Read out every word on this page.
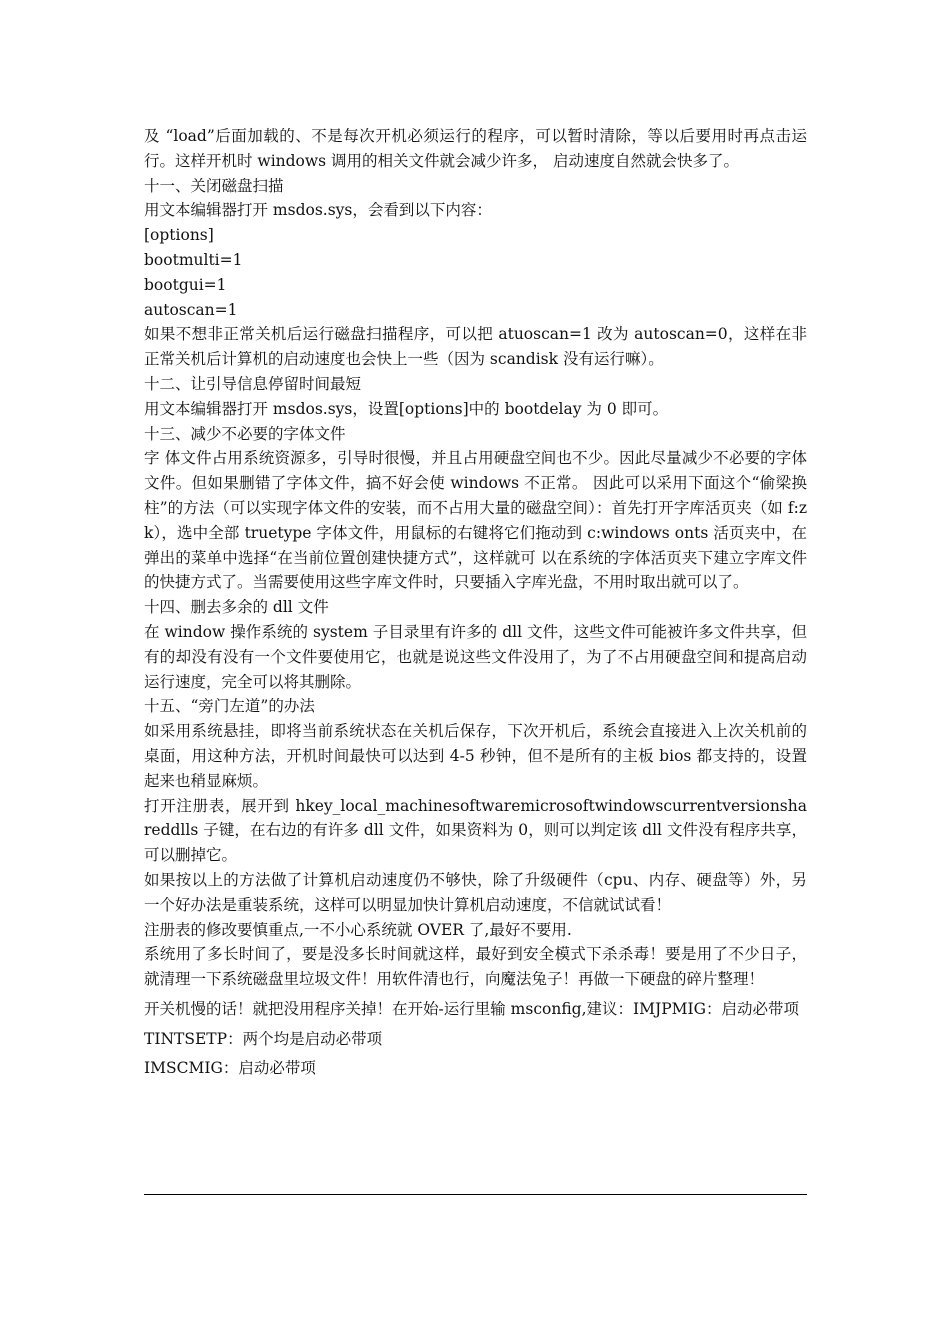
及 “load”后面加载的、不是每次开机必须运行的程序，可以暂时清除，等以后要用时再点击运行。这样开机时 windows 调用的相关文件就会减少许多， 启动速度自然就会快多了。

十一、关闭磁盘扫描

用文本编辑器打开 msdos.sys，会看到以下内容：

[options]

bootmulti=1

bootgui=1

autoscan=1

如果不想非正常关机后运行磁盘扫描程序，可以把 atuoscan=1 改为 autoscan=0，这样在非正常关机后计算机的启动速度也会快上一些（因为 scandisk 没有运行嘛）。

十二、让引导信息停留时间最短

用文本编辑器打开 msdos.sys，设置[options]中的 bootdelay 为 0 即可。

十三、减少不必要的字体文件

字 体文件占用系统资源多，引导时很慢，并且占用硬盘空间也不少。因此尽量减少不必要的字体文件。但如果删错了字体文件，搞不好会使 windows 不正常。 因此可以采用下面这个“偷梁换柱”的方法（可以实现字体文件的安装，而不占用大量的磁盘空间）：首先打开字库活页夹（如 f:zk），选中全部 truetype 字体文件，用鼠标的右键将它们拖动到 c:windows onts 活页夹中，在弹出的菜单中选择“在当前位置创建快捷方式”，这样就可 以在系统的字体活页夹下建立字库文件的快捷方式了。当需要使用这些字库文件时，只要插入字库光盘，不用时取出就可以了。

十四、删去多余的 dll 文件

在 window 操作系统的 system 子目录里有许多的 dll 文件，这些文件可能被许多文件共享，但有的却没有没有一个文件要使用它，也就是说这些文件没用了，为了不占用硬盘空间和提高启动运行速度，完全可以将其删除。

十五、“旁门左道”的办法

如采用系统悬挂，即将当前系统状态在关机后保存，下次开机后，系统会直接进入上次关机前的桌面，用这种方法，开机时间最快可以达到 4-5 秒钟，但不是所有的主板 bios 都支持的，设置起来也稍显麻烦。

打开注册表，展开到 hkey_local_machinesoftwaremicrosoftwindowscurrentversionshareddlls 子键，在右边的有许多 dll 文件，如果资料为 0，则可以判定该 dll 文件没有程序共享，可以删掉它。

如果按以上的方法做了计算机启动速度仍不够快，除了升级硬件（cpu、内存、硬盘等）外，另一个好办法是重装系统，这样可以明显加快计算机启动速度，不信就试试看！

注册表的修改要慎重点,一不小心系统就 OVER 了,最好不要用.

系统用了多长时间了，要是没多长时间就这样，最好到安全模式下杀杀毒！要是用了不少日子，就清理一下系统磁盘里垃圾文件！用软件清也行，向魔法兔子！再做一下硬盘的碎片整理！

开关机慢的话！就把没用程序关掉！在开始-运行里输 msconfig,建议：IMJPMIG：启动必带项

TINTSETP：两个均是启动必带项

IMSCMIG：启动必带项
